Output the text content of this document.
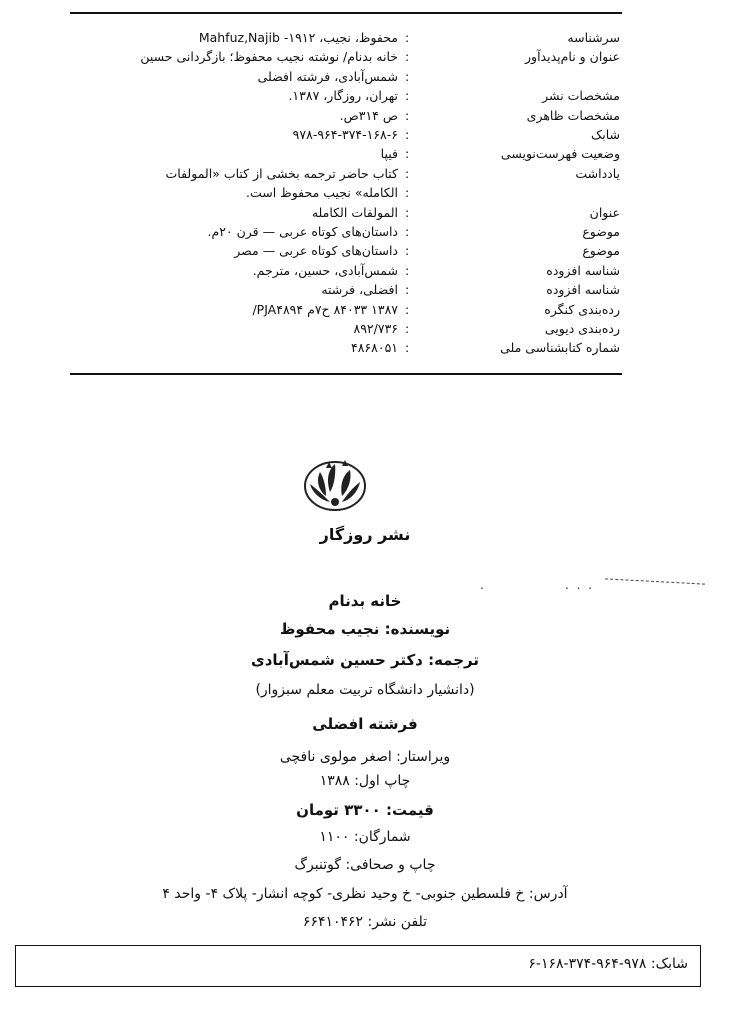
سرشناسه
:
محفوظ، نجیب، ۱۹۱۲- Mahfuz,Najib
عنوان و نام‌پدیدآور
:
خانه بدنام/ نوشته نجیب محفوظ؛ بازگردانی حسین
:
شمس‌آبادی، فرشته افضلی
مشخصات نشر
:
تهران، روزگار، ۱۳۸۷.
مشخصات ظاهری
:
ص ۳۱۴ص.
شابک
:
۹۷۸-۹۶۴-۳۷۴-۱۶۸-۶
وضعیت فهرست‌نویسی
:
فیپا
یادداشت
:
کتاب حاضر ترجمه بخشی از کتاب «المولفات
:
الکامله» نجیب محفوظ است.
عنوان
:
المولفات الکامله
موضوع
:
داستان‌های کوتاه عربی — قرن ۲۰م.
موضوع
:
داستان‌های کوتاه عربی — مصر
شناسه افزوده
:
شمس‌آبادی، حسین، مترجم.
شناسه افزوده
:
افضلی، فرشته
رده‌بندی کنگره
:
۱۳۸۷ ۸۴۰۳۳ ح۷م PJA۴۸۹۴/
رده‌بندی دیویی
:
۸۹۲/۷۳۶
شماره کتابشناسی ملی
:
۴۸۶۸۰۵۱
نشر روزگار
.	. . .
خانه بدنام
نویسنده: نجیب محفوظ
ترجمه: دکتر حسین شمس‌آبادی
(دانشیار دانشگاه تربیت معلم سبزوار)
فرشته افضلی
ویراستار: اصغر مولوی نافچی
چاپ اول: ۱۳۸۸
قیمت: ۳۳۰۰ تومان
شمارگان: ۱۱۰۰
چاپ و صحافی: گوتنبرگ
آدرس: خ فلسطین جنوبی- خ وحید نظری- کوچه انشار- پلاک ۴- واحد ۴
تلفن نشر: ۶۶۴۱۰۴۶۲
شابک: ۹۷۸-۹۶۴-۳۷۴-۱۶۸-۶
